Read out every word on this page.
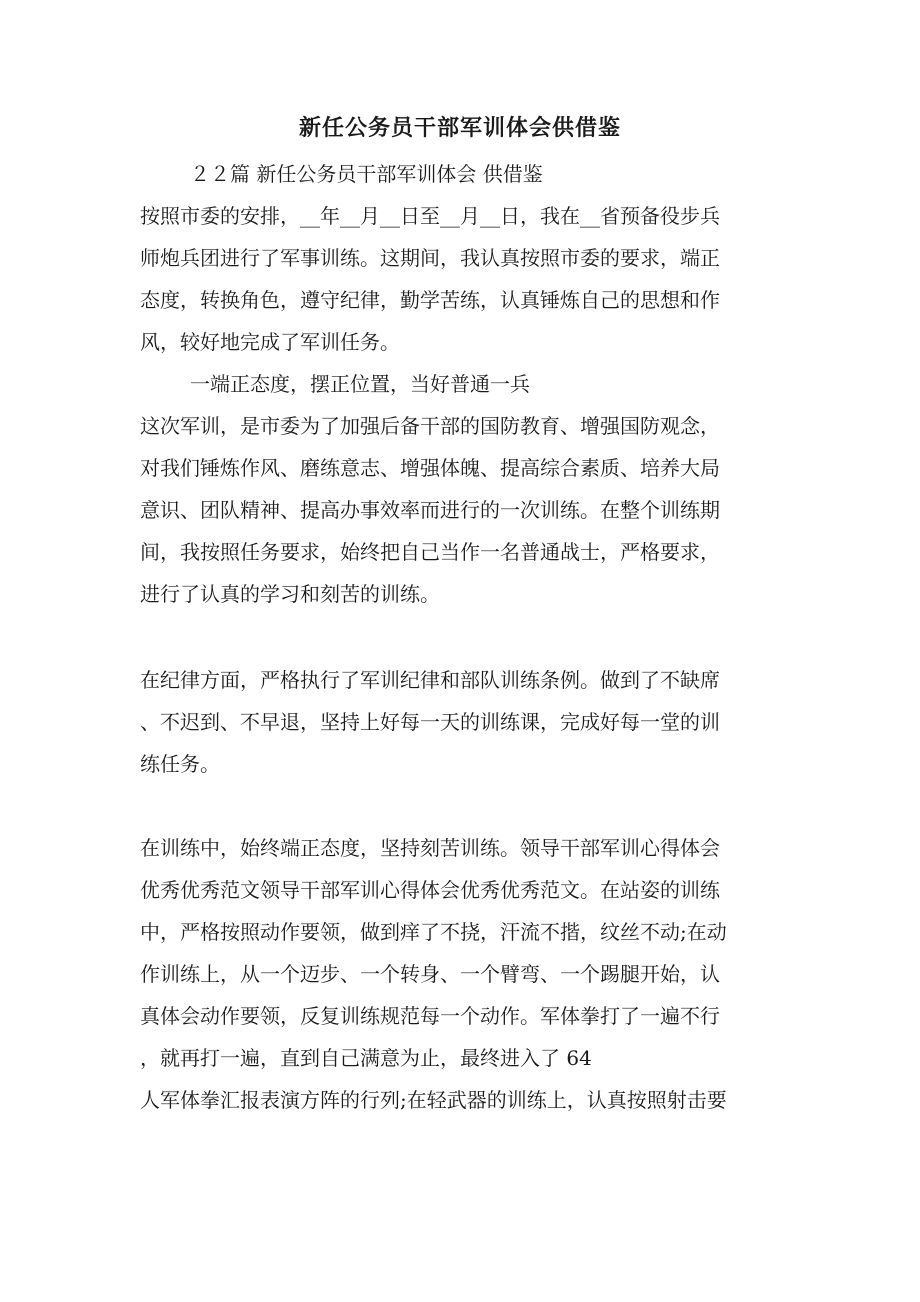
新任公务员干部军训体会供借鉴
２２篇 新任公务员干部军训体会 供借鉴
按照市委的安排，__年__月__日至__月__日，我在__省预备役步兵
师炮兵团进行了军事训练。这期间，我认真按照市委的要求，端正
态度，转换角色，遵守纪律，勤学苦练，认真锤炼自己的思想和作
风，较好地完成了军训任务。
一端正态度，摆正位置，当好普通一兵
这次军训，是市委为了加强后备干部的国防教育、增强国防观念，
对我们锤炼作风、磨练意志、增强体魄、提高综合素质、培养大局
意识、团队精神、提高办事效率而进行的一次训练。在整个训练期
间，我按照任务要求，始终把自己当作一名普通战士，严格要求，
进行了认真的学习和刻苦的训练。
在纪律方面，严格执行了军训纪律和部队训练条例。做到了不缺席
、不迟到、不早退，坚持上好每一天的训练课，完成好每一堂的训
练任务。
在训练中，始终端正态度，坚持刻苦训练。领导干部军训心得体会
优秀优秀范文领导干部军训心得体会优秀优秀范文。在站姿的训练
中，严格按照动作要领，做到痒了不挠，汗流不揩，纹丝不动;在动
作训练上，从一个迈步、一个转身、一个臂弯、一个踢腿开始，认
真体会动作要领，反复训练规范每一个动作。军体拳打了一遍不行
，就再打一遍，直到自己满意为止，最终进入了 64
人军体拳汇报表演方阵的行列;在轻武器的训练上，认真按照射击要
